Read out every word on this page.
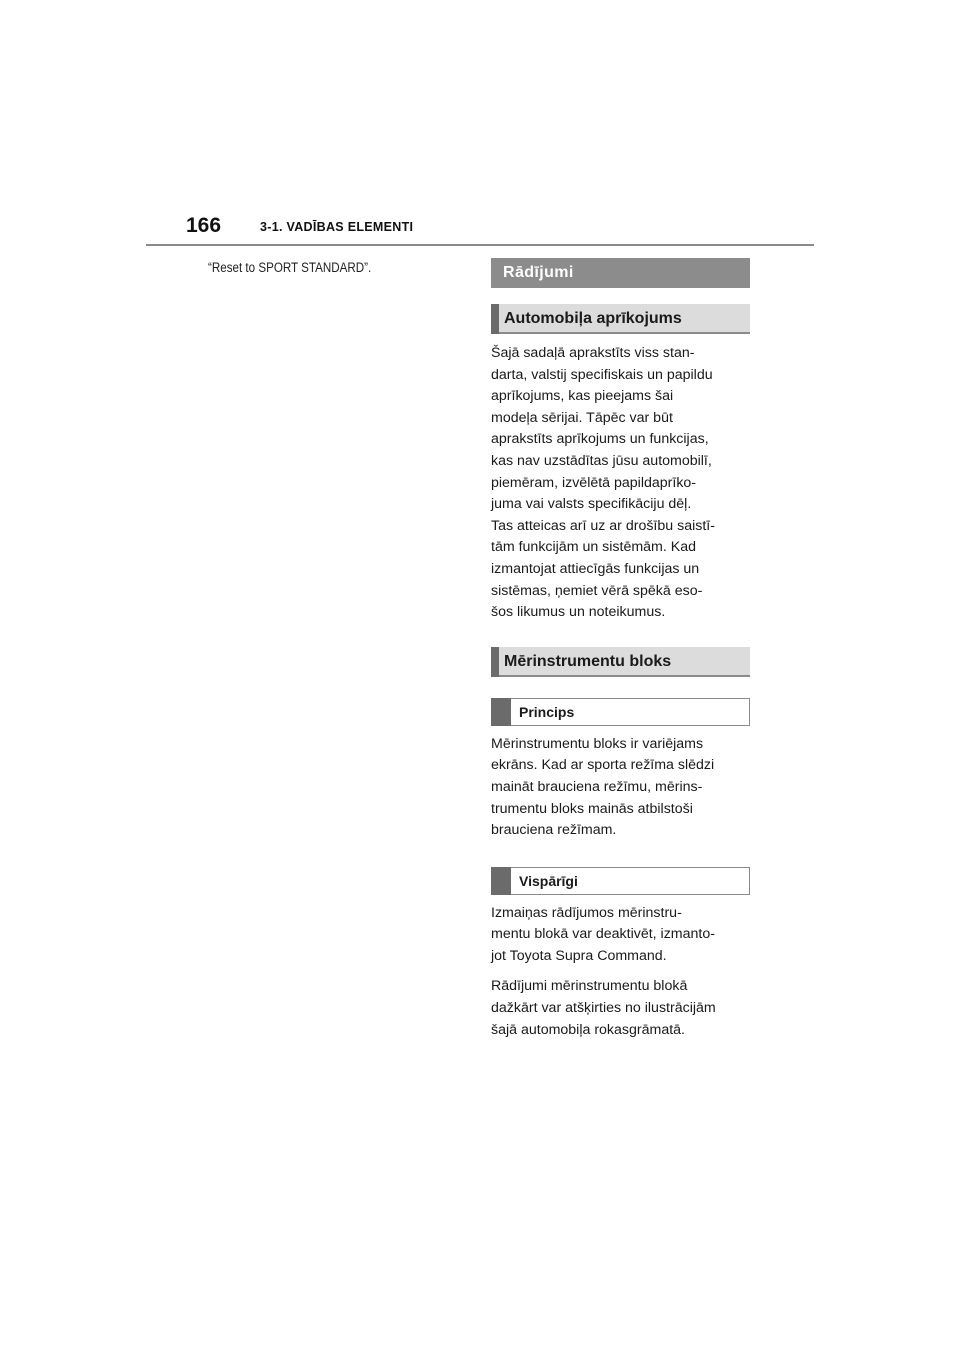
166	3-1. VADĪBAS ELEMENTI
“Reset to SPORT STANDARD”.	Rādījumi
Automobiļa aprīkojums

Šajā sadaļā aprakstīts viss stan-
darta, valstij specifiskais un papildu
aprīkojums, kas pieejams šai
modeļa sērijai. Tāpēc var būt
aprakstīts aprīkojums un funkcijas,
kas nav uzstādītas jūsu automobilī,
piemēram, izvēlētā papildaprīko-
juma vai valsts specifikāciju dēļ.
Tas atteicas arī uz ar drošību saistī-
tām funkcijām un sistēmām. Kad
izmantojat attiecīgās funkcijas un
sistēmas, ņemiet vērā spēkā eso-
šos likumus un noteikumus.

Mērinstrumentu bloks
Princips

Mērinstrumentu bloks ir variējams
ekrāns. Kad ar sporta režīma slēdzi
maināt brauciena režīmu, mērins-
trumentu bloks mainās atbilstoši
brauciena režīmam.

Vispārīgi

Izmaiņas rādījumos mērinstru-
mentu blokā var deaktivēt, izmanto-
jot Toyota Supra Command.

Rādījumi mērinstrumentu blokā
dažkārt var atšķirties no ilustrācijām
šajā automobiļa rokasgrāmatā.
